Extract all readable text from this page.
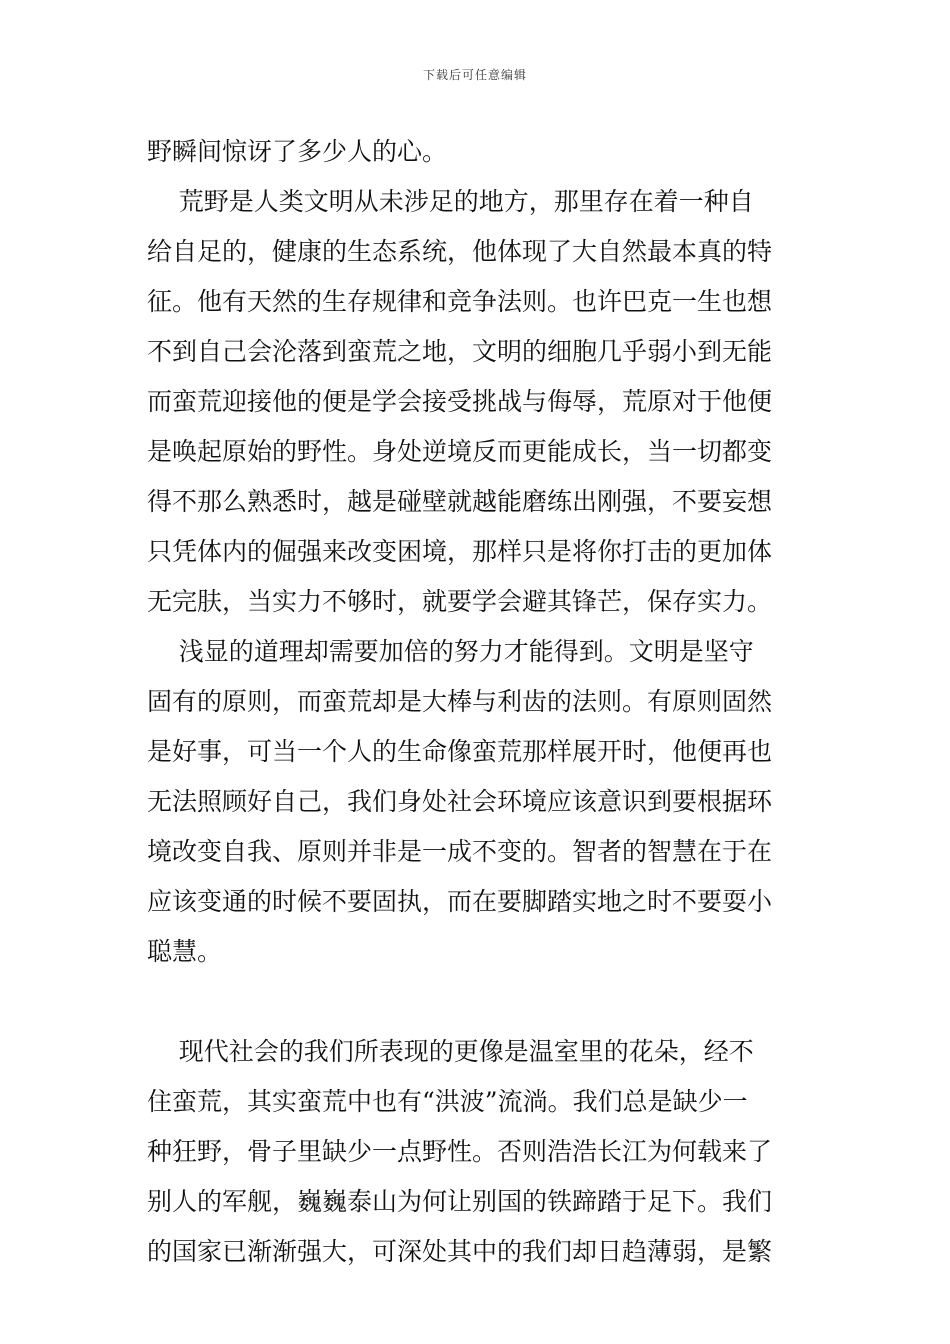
下载后可任意编辑
野瞬间惊讶了多少人的心。
荒野是人类文明从未涉足的地方，那里存在着一种自
给自足的，健康的生态系统，他体现了大自然最本真的特
征。他有天然的生存规律和竞争法则。也许巴克一生也想
不到自己会沦落到蛮荒之地，文明的细胞几乎弱小到无能
而蛮荒迎接他的便是学会接受挑战与侮辱，荒原对于他便
是唤起原始的野性。身处逆境反而更能成长，当一切都变
得不那么熟悉时，越是碰壁就越能磨练出刚强，不要妄想
只凭体内的倔强来改变困境，那样只是将你打击的更加体
无完肤，当实力不够时，就要学会避其锋芒，保存实力。
浅显的道理却需要加倍的努力才能得到。文明是坚守
固有的原则，而蛮荒却是大棒与利齿的法则。有原则固然
是好事，可当一个人的生命像蛮荒那样展开时，他便再也
无法照顾好自己，我们身处社会环境应该意识到要根据环
境改变自我、原则并非是一成不变的。智者的智慧在于在
应该变通的时候不要固执，而在要脚踏实地之时不要耍小
聪慧。
现代社会的我们所表现的更像是温室里的花朵，经不
住蛮荒，其实蛮荒中也有“洪波”流淌。我们总是缺少一
种狂野，骨子里缺少一点野性。否则浩浩长江为何载来了
别人的军舰，巍巍泰山为何让别国的铁蹄踏于足下。我们
的国家已渐渐强大，可深处其中的我们却日趋薄弱，是繁
